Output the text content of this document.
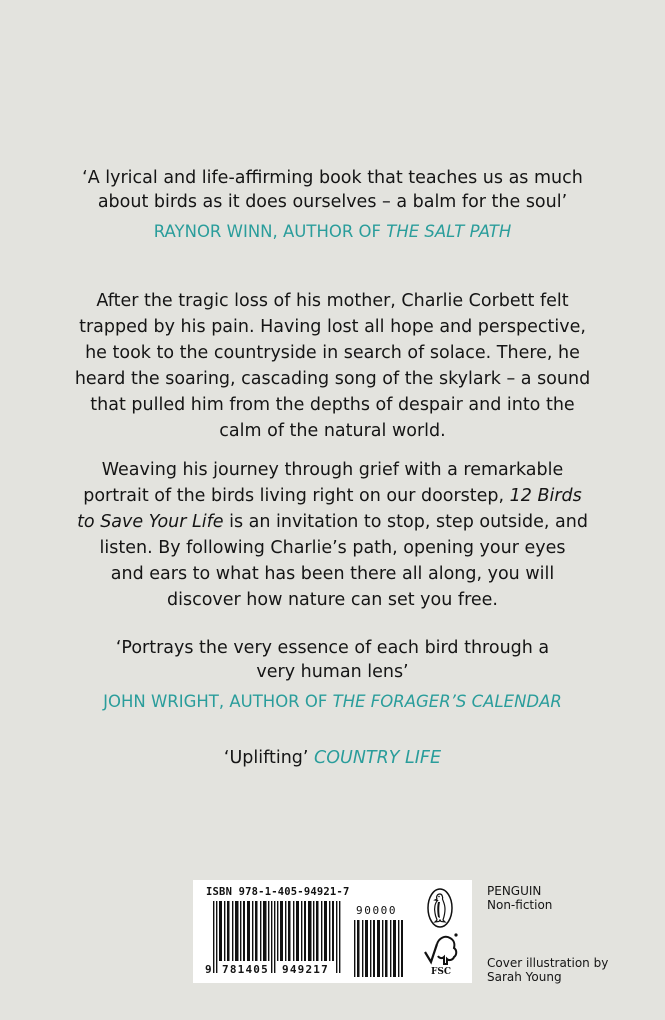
‘A lyrical and life-affirming book that teaches us as much
about birds as it does ourselves – a balm for the soul’

RAYNOR WINN, AUTHOR OF THE SALT PATH

After the tragic loss of his mother, Charlie Corbett felt
trapped by his pain. Having lost all hope and perspective,
he took to the countryside in search of solace. There, he
heard the soaring, cascading song of the skylark – a sound
that pulled him from the depths of despair and into the
calm of the natural world.

Weaving his journey through grief with a remarkable
portrait of the birds living right on our doorstep, 12 Birds
to Save Your Life is an invitation to stop, step outside, and
listen. By following Charlie’s path, opening your eyes
and ears to what has been there all along, you will
discover how nature can set you free.

‘Portrays the very essence of each bird through a
very human lens’

JOHN WRIGHT, AUTHOR OF THE FORAGER’S CALENDAR

‘Uplifting’ COUNTRY LIFE

ISBN 978-1-405-94921-7
9 781405 949217
90000
FSC
PENGUIN
Non-fiction
Cover illustration by
Sarah Young
